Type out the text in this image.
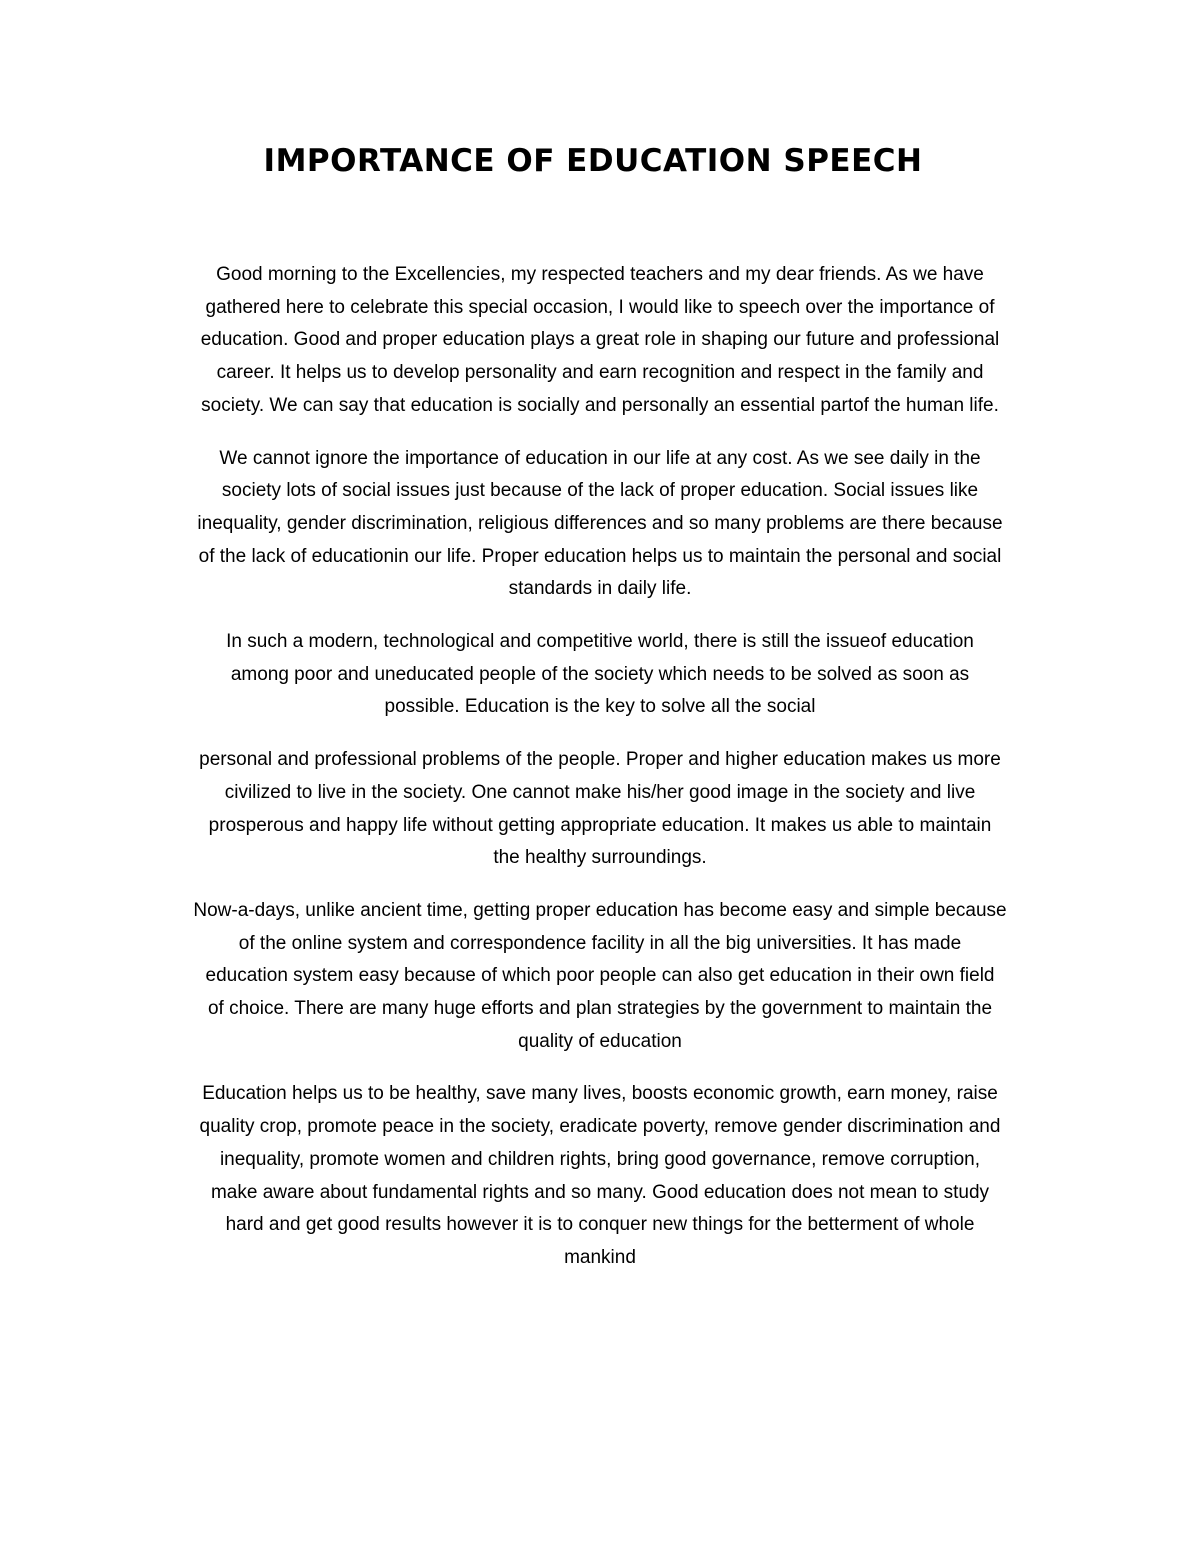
IMPORTANCE OF EDUCATION SPEECH

Good morning to the Excellencies, my respected teachers and my dear friends. As we have
gathered here to celebrate this special occasion, I would like to speech over the importance of
education. Good and proper education plays a great role in shaping our future and professional
career. It helps us to develop personality and earn recognition and respect in the family and
society. We can say that education is socially and personally an essential partof the human life.

We cannot ignore the importance of education in our life at any cost. As we see daily in the
society lots of social issues just because of the lack of proper education. Social issues like
inequality, gender discrimination, religious differences and so many problems are there because
of the lack of educationin our life. Proper education helps us to maintain the personal and social
standards in daily life.

In such a modern, technological and competitive world, there is still the issueof education
among poor and uneducated people of the society which needs to be solved as soon as
possible. Education is the key to solve all the social

personal and professional problems of the people. Proper and higher education makes us more
civilized to live in the society. One cannot make his/her good image in the society and live
prosperous and happy life without getting appropriate education. It makes us able to maintain
the healthy surroundings.

Now-a-days, unlike ancient time, getting proper education has become easy and simple because
of the online system and correspondence facility in all the big universities. It has made
education system easy because of which poor people can also get education in their own field
of choice. There are many huge efforts and plan strategies by the government to maintain the
quality of education

Education helps us to be healthy, save many lives, boosts economic growth, earn money, raise
quality crop, promote peace in the society, eradicate poverty, remove gender discrimination and
inequality, promote women and children rights, bring good governance, remove corruption,
make aware about fundamental rights and so many. Good education does not mean to study
hard and get good results however it is to conquer new things for the betterment of whole
mankind
